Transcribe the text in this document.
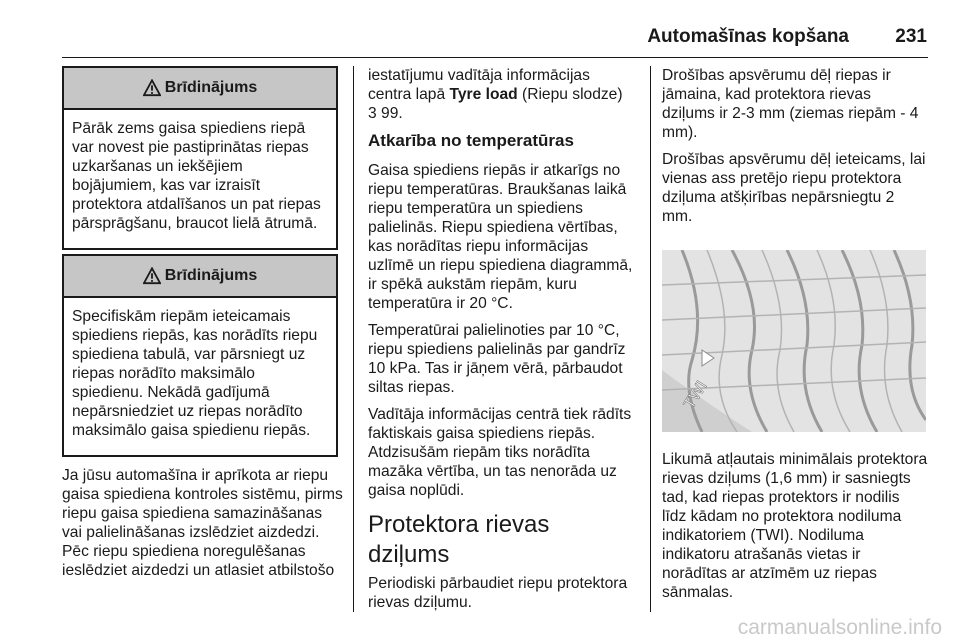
Automašīnas kopšana 231
Brīdinājums
Pārāk zems gaisa spiediens riepā var novest pie pastiprinātas riepas uzkaršanas un iekšējiem bojājumiem, kas var izraisīt protektora atdalīšanos un pat riepas pārsprāgšanu, braucot lielā ātrumā.
Brīdinājums
Specifiskām riepām ieteicamais spiediens riepās, kas norādīts riepu spiediena tabulā, var pārsniegt uz riepas norādīto maksimālo spiedienu. Nekādā gadījumā nepārsniedziet uz riepas norādīto maksimālo gaisa spiedienu riepās.

Ja jūsu automašīna ir aprīkota ar riepu gaisa spiediena kontroles sistēmu, pirms riepu gaisa spiediena samazināšanas vai palielināšanas izslēdziet aizdedzi. Pēc riepu spiediena noregulēšanas ieslēdziet aizdedzi un atlasiet atbilstošo

iestatījumu vadītāja informācijas centra lapā Tyre load (Riepu slodze)
3 99.

Atkarība no temperatūras

Gaisa spiediens riepās ir atkarīgs no riepu temperatūras. Braukšanas laikā riepu temperatūra un spiediens palielinās. Riepu spiediena vērtības, kas norādītas riepu informācijas uzlīmē un riepu spiediena diagrammā, ir spēkā aukstām riepām, kuru temperatūra ir 20 °C.

Temperatūrai palielinoties par 10 °C, riepu spiediens palielinās par gandrīz 10 kPa. Tas ir jāņem vērā, pārbaudot siltas riepas.

Vadītāja informācijas centrā tiek rādīts faktiskais gaisa spiediens riepās. Atdzisušām riepām tiks norādīta mazāka vērtība, un tas nenorāda uz gaisa noplūdi.

Protektora rievas dziļums

Periodiski pārbaudiet riepu protektora rievas dziļumu.

Drošības apsvērumu dēļ riepas ir jāmaina, kad protektora rievas dziļums ir 2-3 mm (ziemas riepām - 4 mm).

Drošības apsvērumu dēļ ieteicams, lai vienas ass pretējo riepu protektora dziļuma atšķirības nepārsniegtu 2 mm.

TWI

Likumā atļautais minimālais protektora rievas dziļums (1,6 mm) ir sasniegts tad, kad riepas protektors ir nodilis līdz kādam no protektora nodiluma indikatoriem (TWI). Nodiluma indikatoru atrašanās vietas ir norādītas ar atzīmēm uz riepas sānmalas.

carmanualsonline.info
